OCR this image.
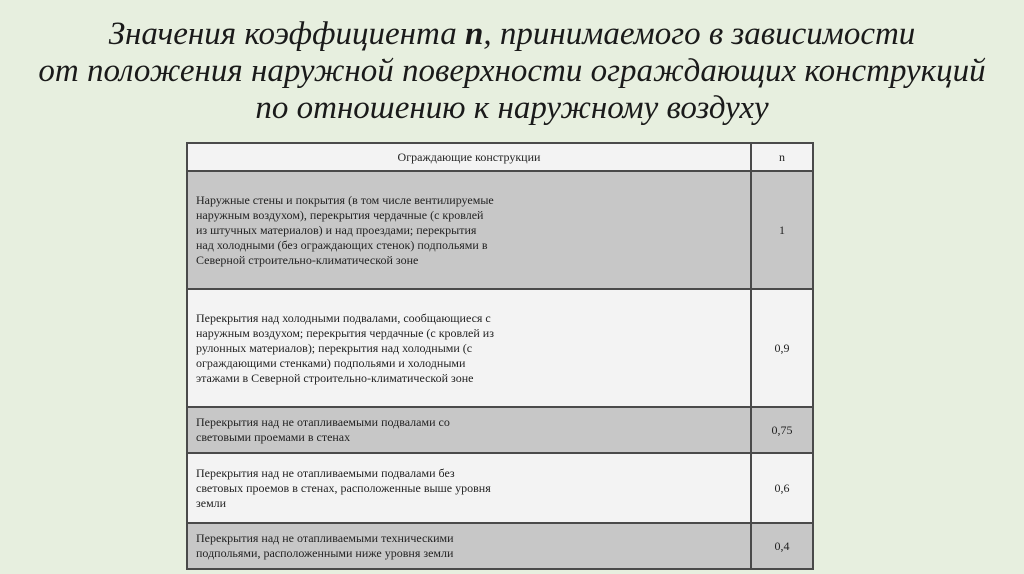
Значения коэффициента n, принимаемого в зависимости
от положения наружной поверхности ограждающих конструкций
по отношению к наружному воздуху
Ограждающие конструкции	n

Наружные стены и покрытия (в том числе вентилируемые наружным воздухом), перекрытия чердачные (с кровлей из штучных материалов) и над проездами; перекрытия над холодными (без ограждающих стенок) подпольями в Северной строительно-климатической зоне	1

Перекрытия над холодными подвалами, сообщающиеся с наружным воздухом; перекрытия чердачные (с кровлей из рулонных материалов); перекрытия над холодными (с ограждающими стенками) подпольями и холодными этажами в Северной строительно-климатической зоне	0,9

Перекрытия над не отапливаемыми подвалами со световыми проемами в стенах	0,75

Перекрытия над не отапливаемыми подвалами без световых проемов в стенах, расположенные выше уровня земли	0,6

Перекрытия над не отапливаемыми техническими подпольями, расположенными ниже уровня земли	0,4
